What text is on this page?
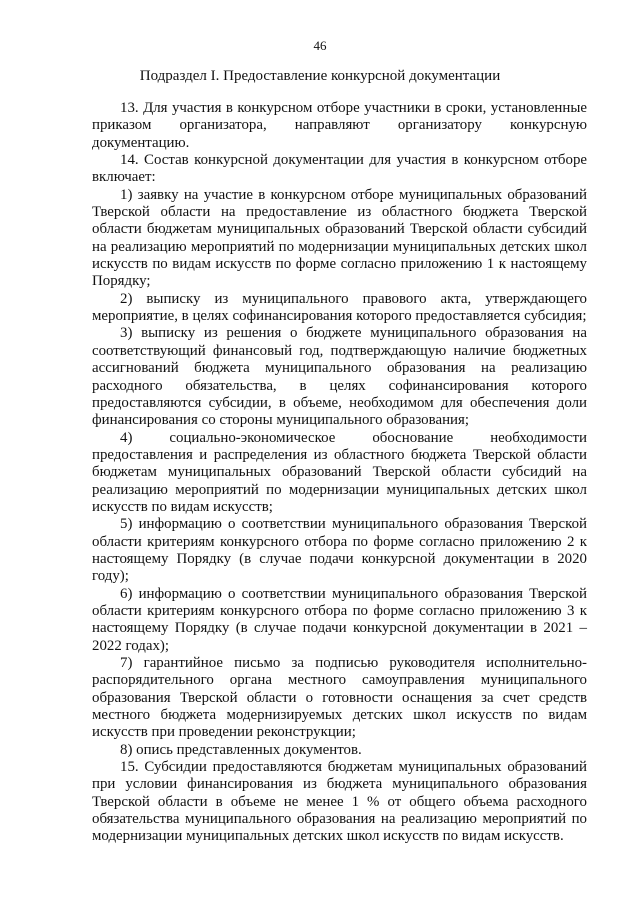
46
Подраздел I. Предоставление конкурсной документации

13. Для участия в конкурсном отборе участники в сроки, установленные приказом организатора, направляют организатору конкурсную документацию.

14. Состав конкурсной документации для участия в конкурсном отборе включает:

1) заявку на участие в конкурсном отборе муниципальных образований Тверской области на предоставление из областного бюджета Тверской области бюджетам муниципальных образований Тверской области субсидий на реализацию мероприятий по модернизации муниципальных детских школ искусств по видам искусств по форме согласно приложению 1 к настоящему Порядку;

2) выписку из муниципального правового акта, утверждающего мероприятие, в целях софинансирования которого предоставляется субсидия;

3) выписку из решения о бюджете муниципального образования на соответствующий финансовый год, подтверждающую наличие бюджетных ассигнований бюджета муниципального образования на реализацию расходного обязательства, в целях софинансирования которого предоставляются субсидии, в объеме, необходимом для обеспечения доли финансирования со стороны муниципального образования;

4) социально-экономическое обоснование необходимости предоставления и распределения из областного бюджета Тверской области бюджетам муниципальных образований Тверской области субсидий на реализацию мероприятий по модернизации муниципальных детских школ искусств по видам искусств;

5) информацию о соответствии муниципального образования Тверской области критериям конкурсного отбора по форме согласно приложению 2 к настоящему Порядку (в случае подачи конкурсной документации в 2020 году);

6) информацию о соответствии муниципального образования Тверской области критериям конкурсного отбора по форме согласно приложению 3 к настоящему Порядку (в случае подачи конкурсной документации в 2021 – 2022 годах);

7) гарантийное письмо за подписью руководителя исполнительно-распорядительного органа местного самоуправления муниципального образования Тверской области о готовности оснащения за счет средств местного бюджета модернизируемых детских школ искусств по видам искусств при проведении реконструкции;

8) опись представленных документов.

15. Субсидии предоставляются бюджетам муниципальных образований при условии финансирования из бюджета муниципального образования Тверской области в объеме не менее 1 % от общего объема расходного обязательства муниципального образования на реализацию мероприятий по модернизации муниципальных детских школ искусств по видам искусств.
